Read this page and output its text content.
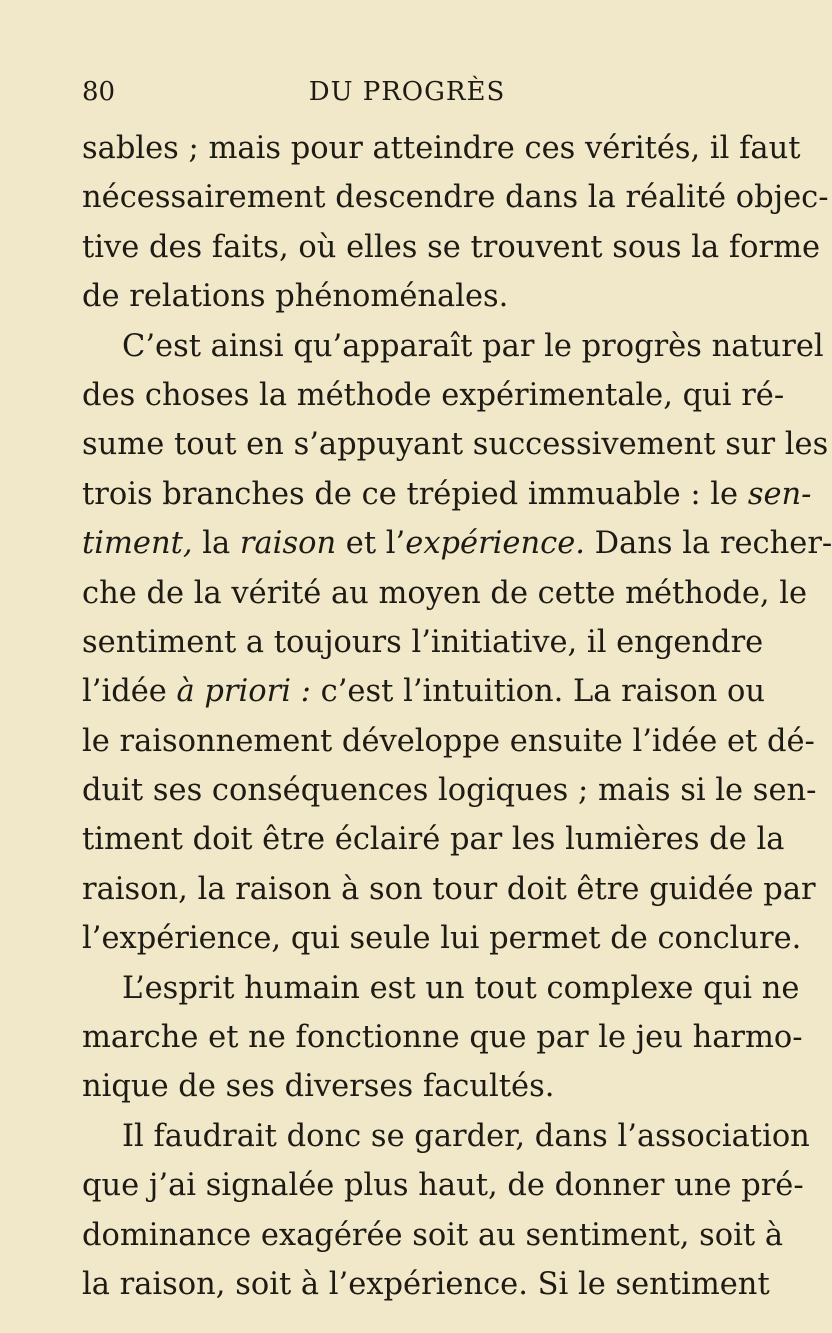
80	DU PROGRÈS
sables ; mais pour atteindre ces vérités, il faut
nécessairement descendre dans la réalité objec-
tive des faits, où elles se trouvent sous la forme
de relations phénoménales.
C’est ainsi qu’apparaît par le progrès naturel
des choses la méthode expérimentale, qui ré-
sume tout en s’appuyant successivement sur les
trois branches de ce trépied immuable : le sen-
timent, la raison et l’expérience. Dans la recher-
che de la vérité au moyen de cette méthode, le
sentiment a toujours l’initiative, il engendre
l’idée à priori : c’est l’intuition. La raison ou
le raisonnement développe ensuite l’idée et dé-
duit ses conséquences logiques ; mais si le sen-
timent doit être éclairé par les lumières de la
raison, la raison à son tour doit être guidée par
l’expérience, qui seule lui permet de conclure.
L’esprit humain est un tout complexe qui ne
marche et ne fonctionne que par le jeu harmo-
nique de ses diverses facultés.
Il faudrait donc se garder, dans l’association
que j’ai signalée plus haut, de donner une pré-
dominance exagérée soit au sentiment, soit à
la raison, soit à l’expérience. Si le sentiment
